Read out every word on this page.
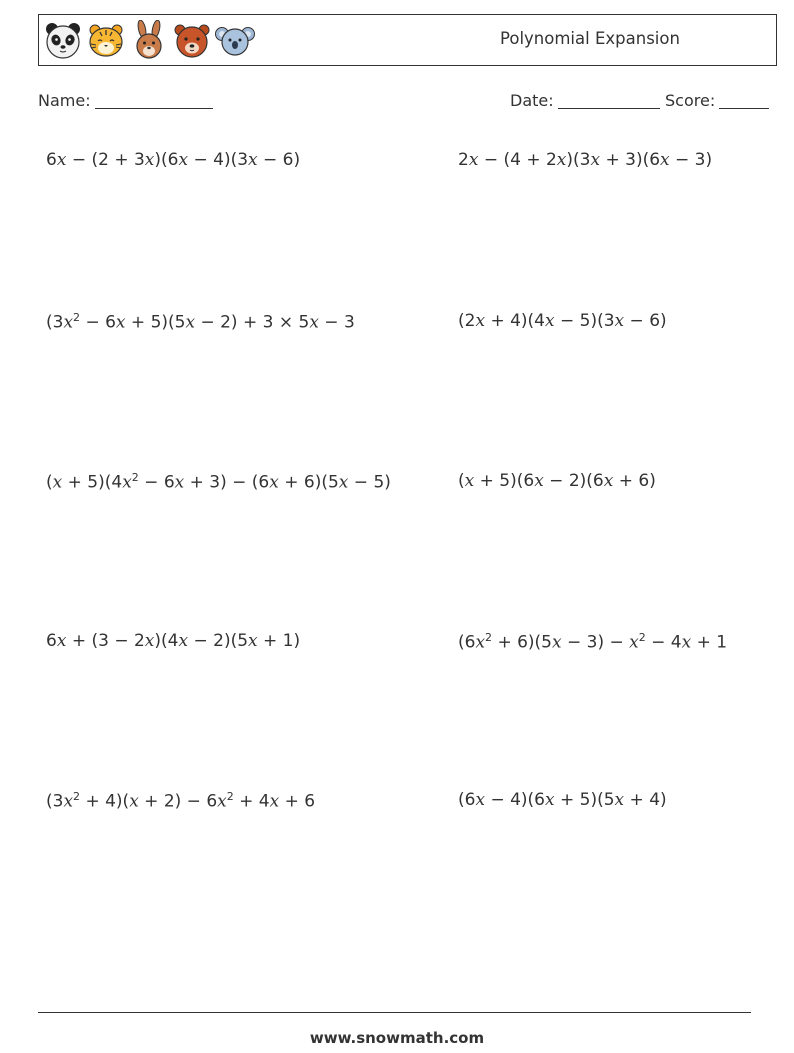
Polynomial Expansion
Name:	Date:	Score:
6x − (2 + 3x)(6x − 4)(3x − 6)	2x − (4 + 2x)(3x + 3)(6x − 3)
$(3x^2 - 6x + 5)(5x - 2) + 3 \times 5x - 3$	(2x + 4)(4x − 5)(3x − 6)
$(x + 5)(4x^2 - 6x + 3) - (6x + 6)(5x - 5)$	(x + 5)(6x − 2)(6x + 6)
6x + (3 − 2x)(4x − 2)(5x + 1)	$(6x^2 + 6)(5x - 3) - x^2 - 4x + 1$
$(3x^2 + 4)(x + 2) - 6x^2 + 4x + 6$	(6x − 4)(6x + 5)(5x + 4)
www.snowmath.com
